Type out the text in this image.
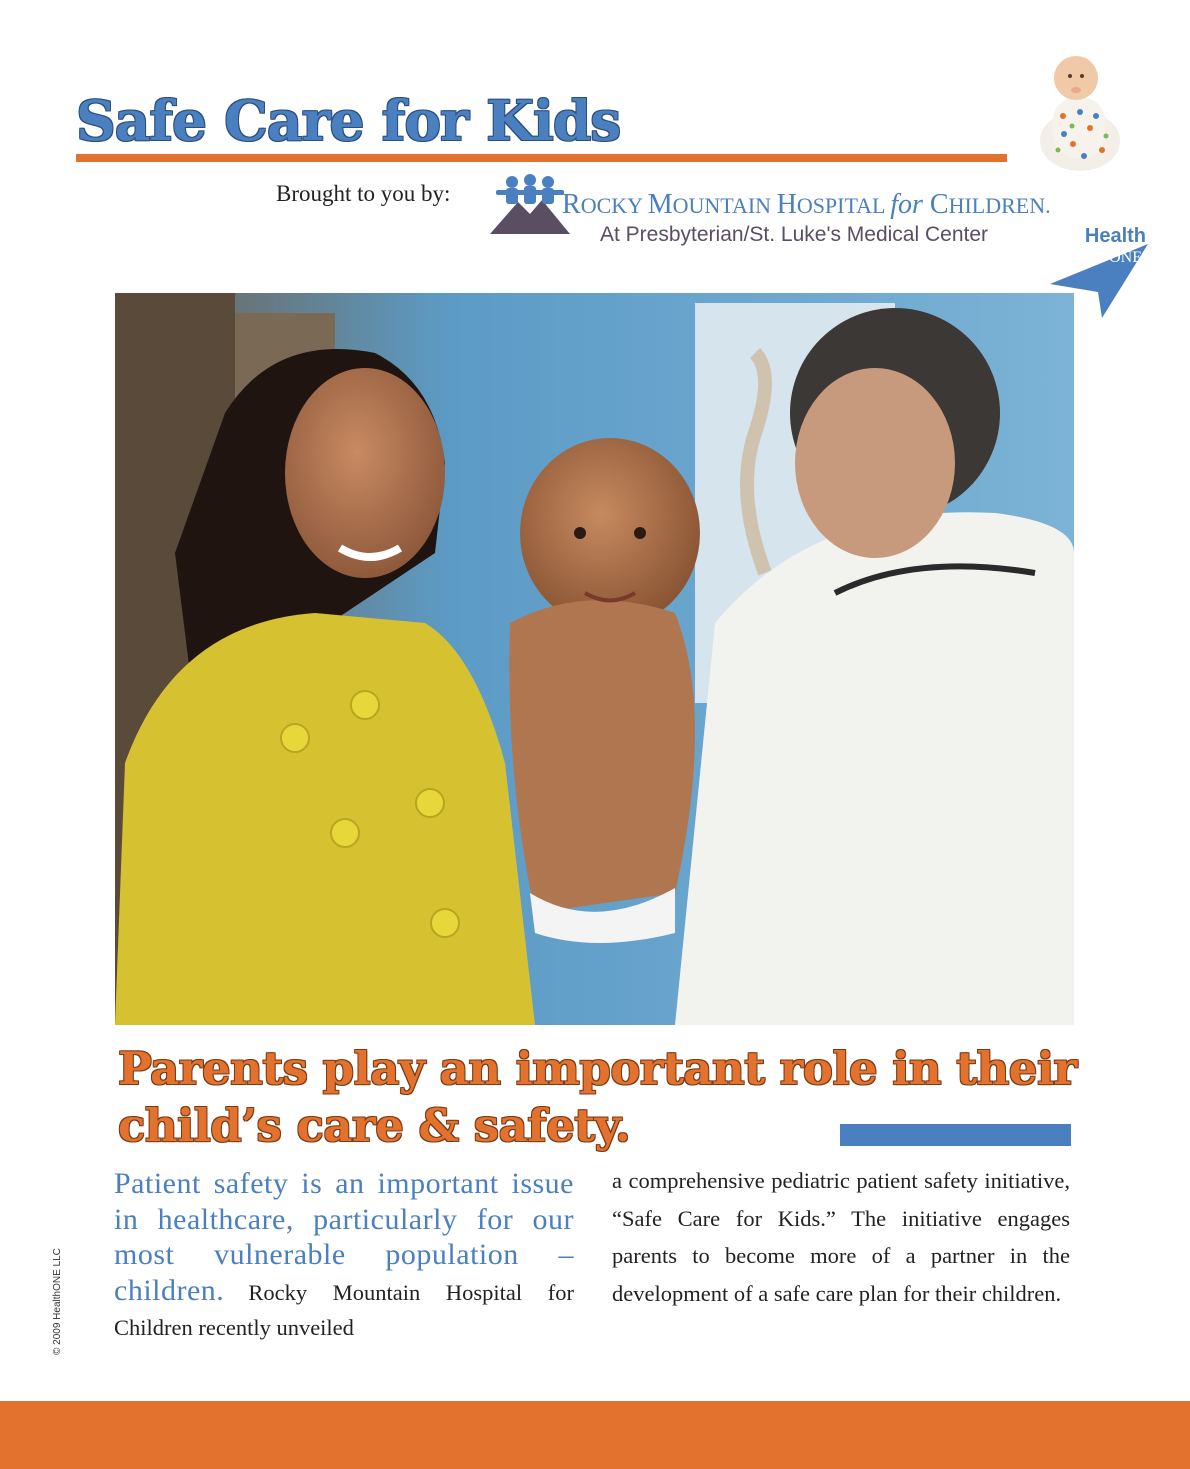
Safe Care for Kids
Brought to you by:	ROCKY MOUNTAIN HOSPITAL for CHILDREN.
At Presbyterian/St. Luke's Medical Center	Health
ONE
Parents play an important role in their child’s care & safety.
Patient safety is an important issue in healthcare, particularly for our most vulnerable population – children. Rocky Mountain Hospital for Children recently unveiled
a comprehensive pediatric patient safety initiative, “Safe Care for Kids.” The initiative engages parents to become more of a partner in the development of a safe care plan for their children.
© 2009 HealthONE LLC
